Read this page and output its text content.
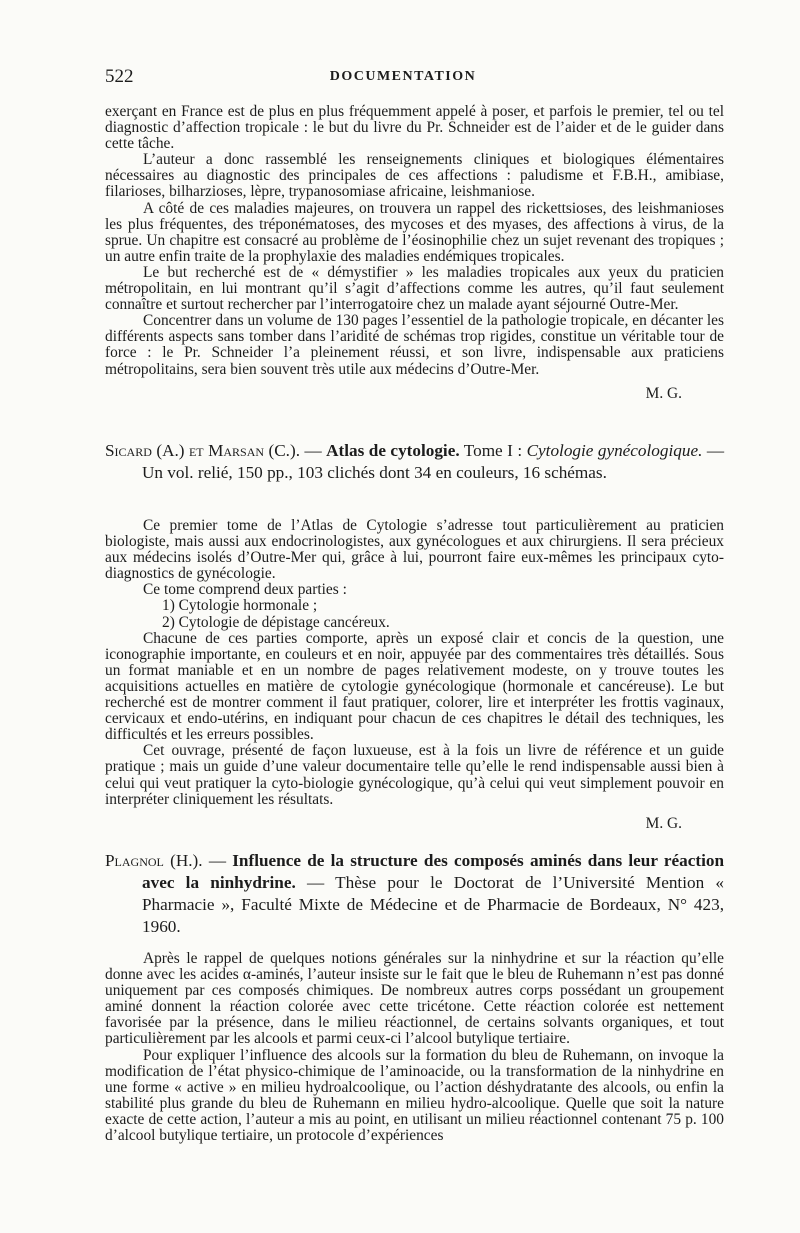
522	DOCUMENTATION

exerçant en France est de plus en plus fréquemment appelé à poser, et parfois le premier, tel ou tel diagnostic d’affection tropicale : le but du livre du Pr. Schneider est de l’aider et de le guider dans cette tâche.

L’auteur a donc rassemblé les renseignements cliniques et biologiques élémentaires nécessaires au diagnostic des principales de ces affections : paludisme et F.B.H., amibiase, filarioses, bilharzioses, lèpre, trypanosomiase africaine, leishmaniose.

A côté de ces maladies majeures, on trouvera un rappel des rickettsioses, des leishmanioses les plus fréquentes, des tréponématoses, des mycoses et des myases, des affections à virus, de la sprue. Un chapitre est consacré au problème de l’éosinophilie chez un sujet revenant des tropiques ; un autre enfin traite de la prophylaxie des maladies endémiques tropicales.

Le but recherché est de « démystifier » les maladies tropicales aux yeux du praticien métropolitain, en lui montrant qu’il s’agit d’affections comme les autres, qu’il faut seulement connaître et surtout rechercher par l’interrogatoire chez un malade ayant séjourné Outre-Mer.

Concentrer dans un volume de 130 pages l’essentiel de la pathologie tropicale, en décanter les différents aspects sans tomber dans l’aridité de schémas trop rigides, constitue un véritable tour de force : le Pr. Schneider l’a pleinement réussi, et son livre, indispensable aux praticiens métropolitains, sera bien souvent très utile aux médecins d’Outre-Mer.

M. G.

Sicard (A.) et Marsan (C.). — Atlas de cytologie. Tome I : Cytologie gynécologique. — Un vol. relié, 150 pp., 103 clichés dont 34 en couleurs, 16 schémas.

Ce premier tome de l’Atlas de Cytologie s’adresse tout particulièrement au praticien biologiste, mais aussi aux endocrinologistes, aux gynécologues et aux chirurgiens. Il sera précieux aux médecins isolés d’Outre-Mer qui, grâce à lui, pourront faire eux-mêmes les principaux cyto-diagnostics de gynécologie.

Ce tome comprend deux parties :

1) Cytologie hormonale ;

2) Cytologie de dépistage cancéreux.

Chacune de ces parties comporte, après un exposé clair et concis de la question, une iconographie importante, en couleurs et en noir, appuyée par des commentaires très détaillés. Sous un format maniable et en un nombre de pages relativement modeste, on y trouve toutes les acquisitions actuelles en matière de cytologie gynécologique (hormonale et cancéreuse). Le but recherché est de montrer comment il faut pratiquer, colorer, lire et interpréter les frottis vaginaux, cervicaux et endo-utérins, en indiquant pour chacun de ces chapitres le détail des techniques, les difficultés et les erreurs possibles.

Cet ouvrage, présenté de façon luxueuse, est à la fois un livre de référence et un guide pratique ; mais un guide d’une valeur documentaire telle qu’elle le rend indispensable aussi bien à celui qui veut pratiquer la cyto-biologie gynécologique, qu’à celui qui veut simplement pouvoir en interpréter cliniquement les résultats.

M. G.

Plagnol (H.). — Influence de la structure des composés aminés dans leur réaction avec la ninhydrine. — Thèse pour le Doctorat de l’Université Mention « Pharmacie », Faculté Mixte de Médecine et de Pharmacie de Bordeaux, N° 423, 1960.

Après le rappel de quelques notions générales sur la ninhydrine et sur la réaction qu’elle donne avec les acides α-aminés, l’auteur insiste sur le fait que le bleu de Ruhemann n’est pas donné uniquement par ces composés chimiques. De nombreux autres corps possédant un groupement aminé donnent la réaction colorée avec cette tricétone. Cette réaction colorée est nettement favorisée par la présence, dans le milieu réactionnel, de certains solvants organiques, et tout particulièrement par les alcools et parmi ceux-ci l’alcool butylique tertiaire.

Pour expliquer l’influence des alcools sur la formation du bleu de Ruhemann, on invoque la modification de l’état physico-chimique de l’aminoacide, ou la transformation de la ninhydrine en une forme « active » en milieu hydroalcoolique, ou l’action déshydratante des alcools, ou enfin la stabilité plus grande du bleu de Ruhemann en milieu hydro-alcoolique. Quelle que soit la nature exacte de cette action, l’auteur a mis au point, en utilisant un milieu réactionnel contenant 75 p. 100 d’alcool butylique tertiaire, un protocole d’expériences
